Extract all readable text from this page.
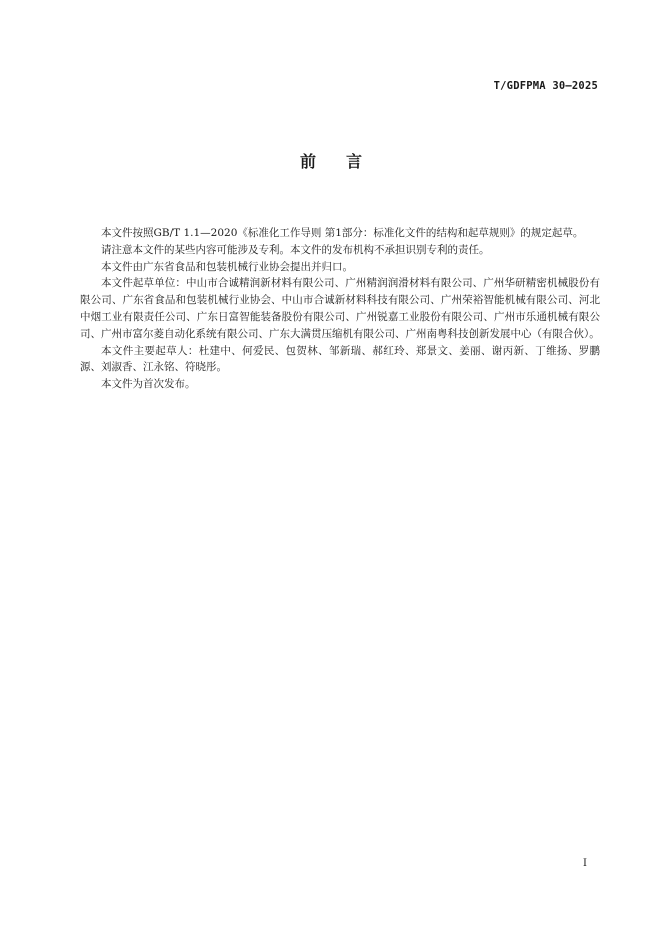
T/GDFPMA 30—2025
前 言

本文件按照GB/T 1.1—2020《标准化工作导则 第1部分：标准化文件的结构和起草规则》的规定起草。

请注意本文件的某些内容可能涉及专利。本文件的发布机构不承担识别专利的责任。

本文件由广东省食品和包装机械行业协会提出并归口。

本文件起草单位：中山市合诚精润新材料有限公司、广州精润润滑材料有限公司、广州华研精密机械股份有限公司、广东省食品和包装机械行业协会、中山市合诚新材料科技有限公司、广州荣裕智能机械有限公司、河北中烟工业有限责任公司、广东日富智能装备股份有限公司、广州锐嘉工业股份有限公司、广州市乐通机械有限公司、广州市富尔菱自动化系统有限公司、广东大满贯压缩机有限公司、广州南粤科技创新发展中心（有限合伙）。

本文件主要起草人：杜建中、何爱民、包贺林、邹新瑞、郝红玲、郑景文、姜丽、谢丙新、丁维扬、罗鹏源、刘淑香、江永铭、符晓彤。

本文件为首次发布。

I
